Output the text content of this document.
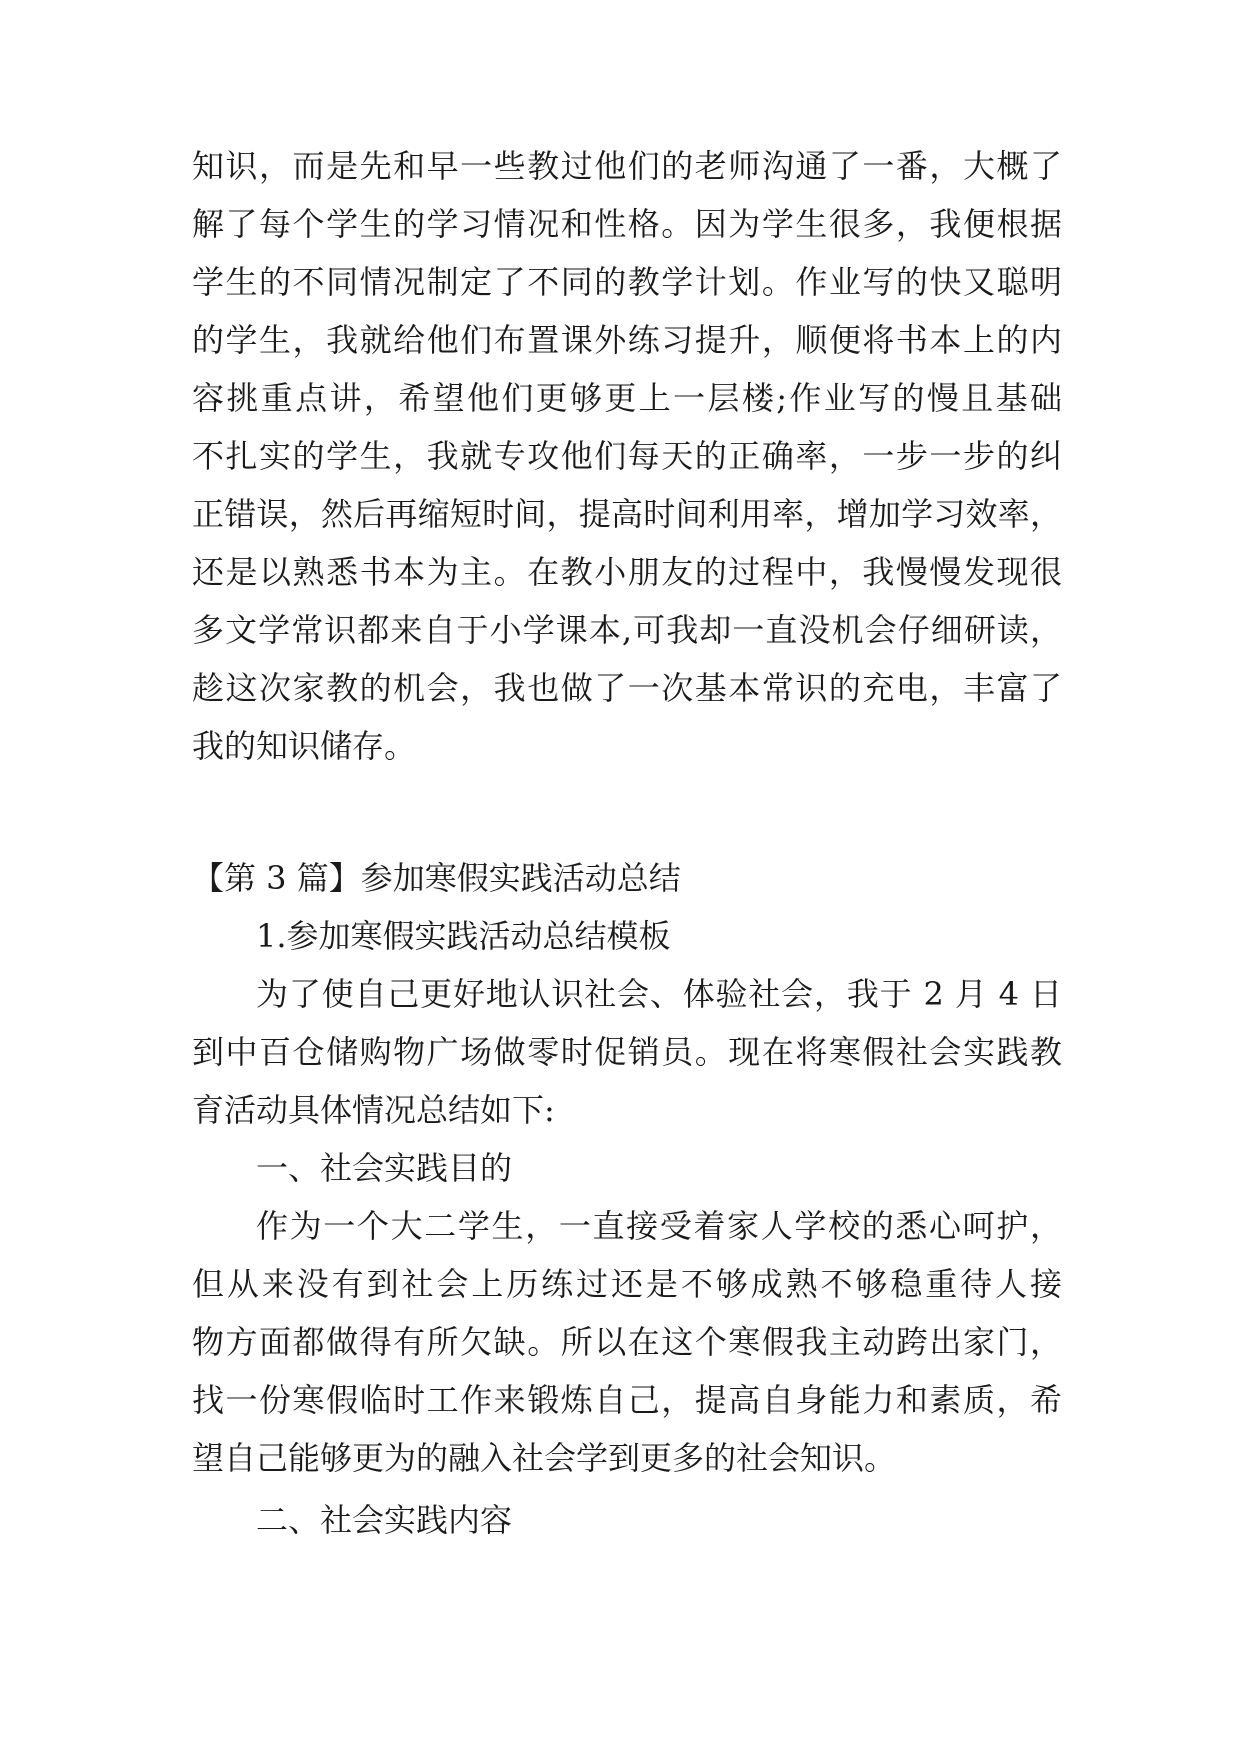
知识，而是先和早一些教过他们的老师沟通了一番，大概了
解了每个学生的学习情况和性格。因为学生很多，我便根据
学生的不同情况制定了不同的教学计划。作业写的快又聪明
的学生，我就给他们布置课外练习提升，顺便将书本上的内
容挑重点讲，希望他们更够更上一层楼;作业写的慢且基础
不扎实的学生，我就专攻他们每天的正确率，一步一步的纠
正错误，然后再缩短时间，提高时间利用率，增加学习效率，
还是以熟悉书本为主。在教小朋友的过程中，我慢慢发现很
多文学常识都来自于小学课本,可我却一直没机会仔细研读，
趁这次家教的机会，我也做了一次基本常识的充电，丰富了
我的知识储存。
【第 3 篇】参加寒假实践活动总结
1.参加寒假实践活动总结模板
为了使自己更好地认识社会、体验社会，我于 2 月 4 日
到中百仓储购物广场做零时促销员。现在将寒假社会实践教
育活动具体情况总结如下:
一、社会实践目的
作为一个大二学生，一直接受着家人学校的悉心呵护，
但从来没有到社会上历练过还是不够成熟不够稳重待人接
物方面都做得有所欠缺。所以在这个寒假我主动跨出家门，
找一份寒假临时工作来锻炼自己，提高自身能力和素质，希
望自己能够更为的融入社会学到更多的社会知识。
二、社会实践内容
